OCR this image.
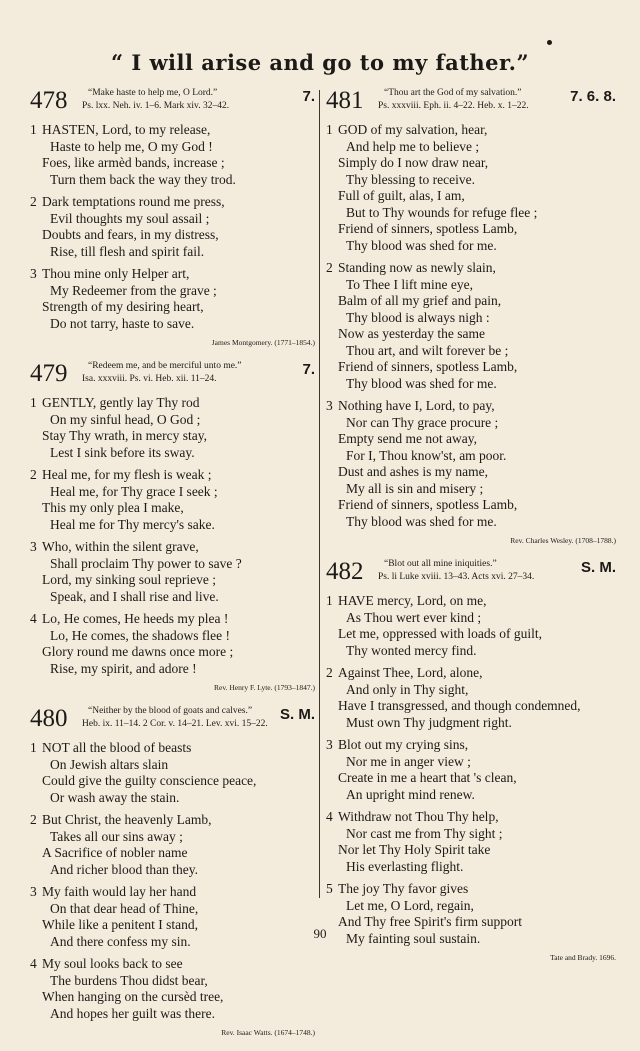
“ I will arise and go to my father.”
478 “Make haste to help me, O Lord.”
Ps. lxx. Neh. iv. 1–6. Mark xiv. 32–42.
7.
1 HASTEN, Lord, to my release,
Haste to help me, O my God !
Foes, like armèd bands, increase ;
Turn them back the way they trod.
2 Dark temptations round me press,
Evil thoughts my soul assail ;
Doubts and fears, in my distress,
Rise, till flesh and spirit fail.
3 Thou mine only Helper art,
My Redeemer from the grave ;
Strength of my desiring heart,
Do not tarry, haste to save.
James Montgomery. (1771–1854.)
479 “Redeem me, and be merciful unto me.”
Isa. xxxviii. Ps. vi. Heb. xii. 11–24.
7.
1 GENTLY, gently lay Thy rod
On my sinful head, O God ;
Stay Thy wrath, in mercy stay,
Lest I sink before its sway.
2 Heal me, for my flesh is weak ;
Heal me, for Thy grace I seek ;
This my only plea I make,
Heal me for Thy mercy's sake.
3 Who, within the silent grave,
Shall proclaim Thy power to save ?
Lord, my sinking soul reprieve ;
Speak, and I shall rise and live.
4 Lo, He comes, He heeds my plea !
Lo, He comes, the shadows flee !
Glory round me dawns once more ;
Rise, my spirit, and adore !
Rev. Henry F. Lyte. (1793–1847.)
480 “Neither by the blood of goats and calves.”
Heb. ix. 11–14. 2 Cor. v. 14–21. Lev. xvi. 15–22.
S. M.
1 NOT all the blood of beasts
On Jewish altars slain
Could give the guilty conscience peace,
Or wash away the stain.
2 But Christ, the heavenly Lamb,
Takes all our sins away ;
A Sacrifice of nobler name
And richer blood than they.
3 My faith would lay her hand
On that dear head of Thine,
While like a penitent I stand,
And there confess my sin.
4 My soul looks back to see
The burdens Thou didst bear,
When hanging on the cursèd tree,
And hopes her guilt was there.
Rev. Isaac Watts. (1674–1748.)
481 “Thou art the God of my salvation.”
Ps. xxxviii. Eph. ii. 4–22. Heb. x. 1–22.
7. 6. 8.
1 GOD of my salvation, hear,
And help me to believe ;
Simply do I now draw near,
Thy blessing to receive.
Full of guilt, alas, I am,
But to Thy wounds for refuge flee ;
Friend of sinners, spotless Lamb,
Thy blood was shed for me.
2 Standing now as newly slain,
To Thee I lift mine eye,
Balm of all my grief and pain,
Thy blood is always nigh :
Now as yesterday the same
Thou art, and wilt forever be ;
Friend of sinners, spotless Lamb,
Thy blood was shed for me.
3 Nothing have I, Lord, to pay,
Nor can Thy grace procure ;
Empty send me not away,
For I, Thou know'st, am poor.
Dust and ashes is my name,
My all is sin and misery ;
Friend of sinners, spotless Lamb,
Thy blood was shed for me.
Rev. Charles Wesley. (1708–1788.)
482 “Blot out all mine iniquities.”
Ps. li Luke xviii. 13–43. Acts xvi. 27–34.
S. M.
1 HAVE mercy, Lord, on me,
As Thou wert ever kind ;
Let me, oppressed with loads of guilt,
Thy wonted mercy find.
2 Against Thee, Lord, alone,
And only in Thy sight,
Have I transgressed, and though condemned,
Must own Thy judgment right.
3 Blot out my crying sins,
Nor me in anger view ;
Create in me a heart that 's clean,
An upright mind renew.
4 Withdraw not Thou Thy help,
Nor cast me from Thy sight ;
Nor let Thy Holy Spirit take
His everlasting flight.
5 The joy Thy favor gives
Let me, O Lord, regain,
And Thy free Spirit's firm support
My fainting soul sustain.
Tate and Brady. 1696.
90
